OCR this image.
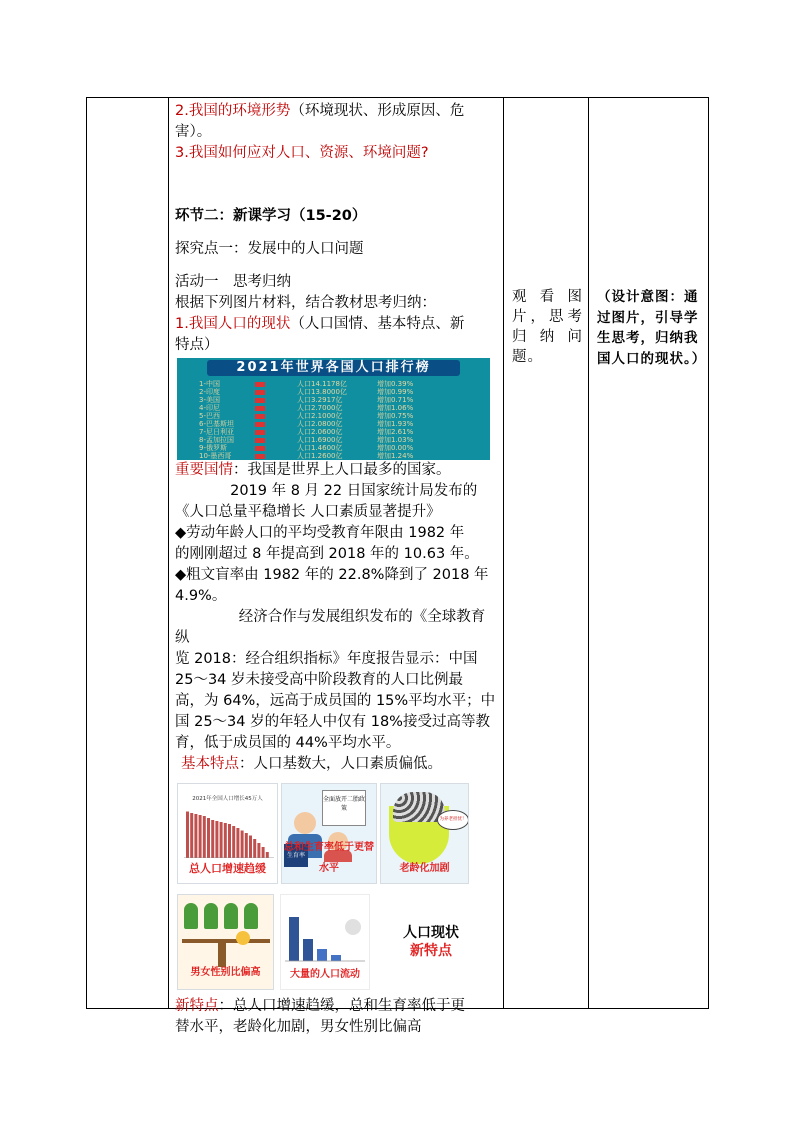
2.我国的环境形势（环境现状、形成原因、危

害）。

3.我国如何应对人口、资源、环境问题?

环节二：新课学习（15-20）

探究点一：发展中的人口问题

活动一　思考归纳

根据下列图片材料，结合教材思考归纳：

1.我国人口的现状（人口国情、基本特点、新

特点）

2021年世界各国人口排行榜
1-中国	人口14.1178亿	增加0.39%
2-印度	人口13.8000亿	增加0.99%
3-美国	人口3.2917亿	增加0.71%
4-印尼	人口2.7000亿	增加1.06%
5-巴西	人口2.1000亿	增加0.75%
6-巴基斯坦	人口2.0800亿	增加1.93%
7-尼日利亚	人口2.0600亿	增加2.61%
8-孟加拉国	人口1.6900亿	增加1.03%
9-俄罗斯	人口1.4600亿	增加0.00%
10-墨西哥	人口1.2600亿	增加1.24%

重要国情：我国是世界上人口最多的国家。

2019 年 8 月 22 日国家统计局发布的

《人口总量平稳增长 人口素质显著提升》

◆劳动年龄人口的平均受教育年限由 1982 年

的刚刚超过 8 年提高到 2018 年的 10.63 年。

◆粗文盲率由 1982 年的 22.8%降到了 2018 年

4.9%。

经济合作与发展组织发布的《全球教育纵

览 2018：经合组织指标》年度报告显示：中国

25～34 岁未接受高中阶段教育的人口比例最

高，为 64%，远高于成员国的 15%平均水平；中

国 25～34 岁的年轻人中仅有 18%接受过高等教

育，低于成员国的 44%平均水平。

基本特点：人口基数大，人口素质偏低。

2021年全国人口增长45万人
总人口增速趋缓
全面放开二胎政策
生育率
总和生育率低于更替水平
为养老担忧！
老龄化加剧
男女性别比偏高	大量的人口流动
人口现状
新特点

新特点：总人口增速趋缓，总和生育率低于更

替水平，老龄化加剧，男女性别比偏高

观看图片，思考归纳问题。

（设计意图：通过图片，引导学生思考，归纳我国人口的现状。）
